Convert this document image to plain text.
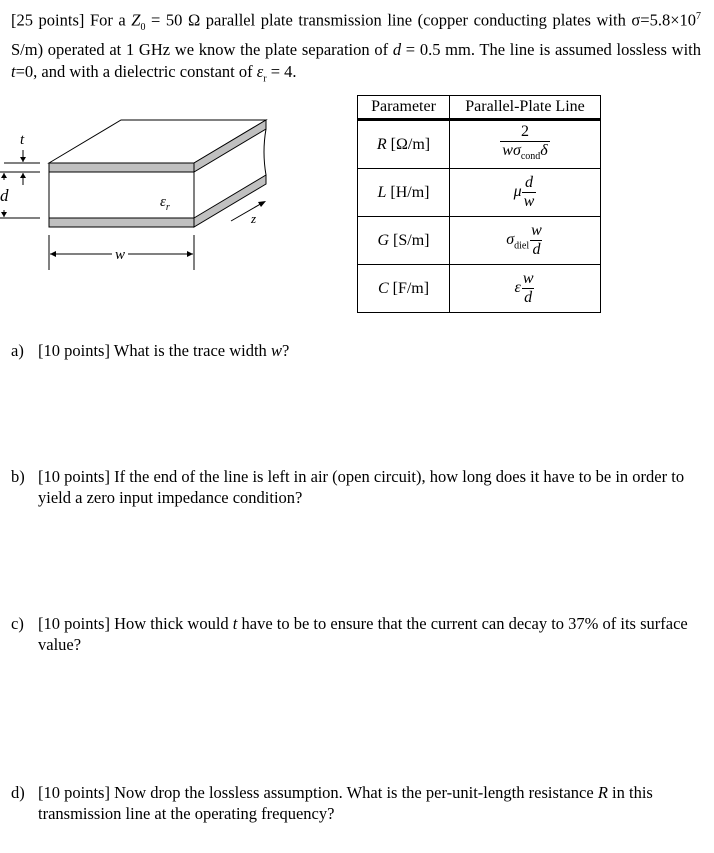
[25 points] For a $Z_0 = 50$ Ω parallel plate transmission line (copper conducting plates with $\sigma=5.8\times 10^7$ S/m) operated at 1 GHz we know the plate separation of d = 0.5 mm. The line is assumed lossless with t=0, and with a dielectric constant of $\varepsilon_r = 4$.
t
d
w
$\varepsilon_r$
z
Parameter	Parallel-Plate Line
R [Ω/m]	$\frac{2}{w\sigma_{cond}\delta}$

L [H/m]	μ $\frac{d}{w}$

G [S/m]	$\sigma_{diel} \frac{w}{d}$

C [F/m]	ε $\frac{w}{d}$
a) [10 points] What is the trace width w?
b) [10 points] If the end of the line is left in air (open circuit), how long does it have to be in order to yield a zero input impedance condition?
c) [10 points] How thick would t have to be to ensure that the current can decay to 37% of its surface value?
d) [10 points] Now drop the lossless assumption. What is the per-unit-length resistance R in this transmission line at the operating frequency?
